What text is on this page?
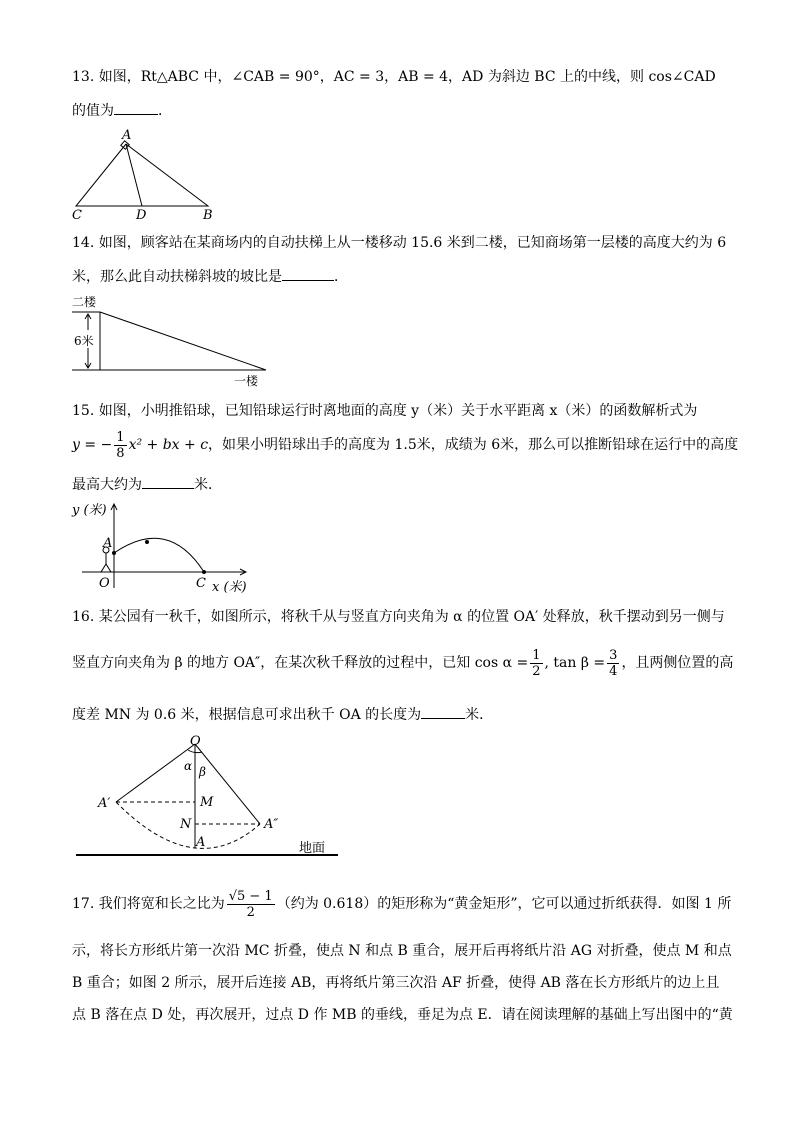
13. 如图，Rt△ABC 中，∠CAB = 90°，AC = 3，AB = 4，AD 为斜边 BC 上的中线，则 cos∠CAD
的值为	．
A
C	D	B
14. 如图，顾客站在某商场内的自动扶梯上从一楼移动 15.6 米到二楼，已知商场第一层楼的高度大约为 6
米，那么此自动扶梯斜坡的坡比是	．
二楼
6米
一楼
15. 如图，小明推铅球，已知铅球运行时离地面的高度 y（米）关于水平距离 x（米）的函数解析式为
y = − $\frac{1}{8} x^2$ + bx + c，如果小明铅球出手的高度为 1.5米，成绩为 6米，那么可以推断铅球在运行中的高度
最高大约为	米．
y (米)
A
O	C x (米)
16. 某公园有一秋千，如图所示，将秋千从与竖直方向夹角为 α 的位置 OA′ 处释放，秋千摆动到另一侧与
竖直方向夹角为 β 的地方 OA″，在某次秋千释放的过程中，已知 $\cos \alpha = \frac{1}{2}$ , $\tan \beta = \frac{3}{4}$ ，且两侧位置的高
度差 MN 为 0.6 米，根据信息可求出秋千 OA 的长度为	米．
O
α β
A′	M
N	A″
A	地面
17. 我们将宽和长之比为 $\frac{√5 - 1}{2}$ （约为 0.618）的矩形称为“黄金矩形”，它可以通过折纸获得．如图 1 所
示，将长方形纸片第一次沿 MC 折叠，使点 N 和点 B 重合，展开后再将纸片沿 AG 对折叠，使点 M 和点
B 重合；如图 2 所示，展开后连接 AB，再将纸片第三次沿 AF 折叠，使得 AB 落在长方形纸片的边上且
点 B 落在点 D 处，再次展开，过点 D 作 MB 的垂线，垂足为点 E．请在阅读理解的基础上写出图中的“黄
